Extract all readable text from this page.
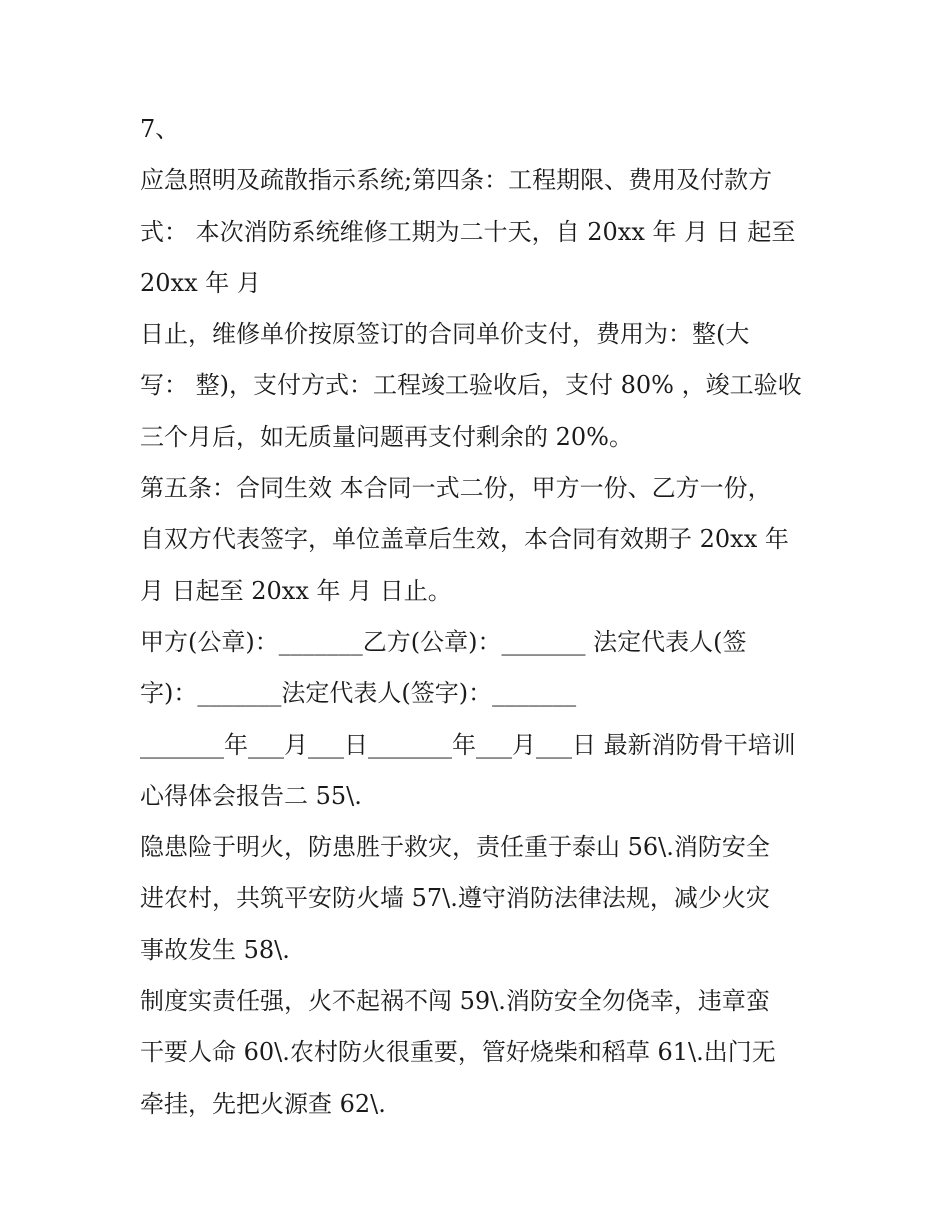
7、
应急照明及疏散指示系统;第四条：工程期限、费用及付款方
式： 本次消防系统维修工期为二十天，自 20xx 年 月 日 起至
20xx 年 月
日止，维修单价按原签订的合同单价支付，费用为：整(大
写： 整)，支付方式：工程竣工验收后，支付 80% ，竣工验收
三个月后，如无质量问题再支付剩余的 20%。
第五条：合同生效 本合同一式二份，甲方一份、乙方一份，
自双方代表签字，单位盖章后生效，本合同有效期子 20xx 年
月 日起至 20xx 年 月 日止。
甲方(公章)：_______乙方(公章)：_______ 法定代表人(签
字)：_______法定代表人(签字)：_______
_______年___月___日_______年___月___日 最新消防骨干培训
心得体会报告二 55\.
隐患险于明火，防患胜于救灾，责任重于泰山 56\.消防安全
进农村，共筑平安防火墙 57\.遵守消防法律法规，减少火灾
事故发生 58\.
制度实责任强，火不起祸不闯 59\.消防安全勿侥幸，违章蛮
干要人命 60\.农村防火很重要，管好烧柴和稻草 61\.出门无
牵挂，先把火源查 62\.
